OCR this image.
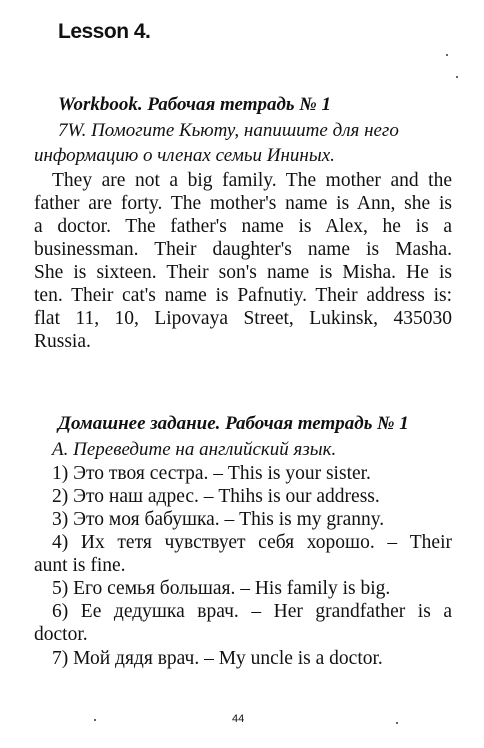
Lesson 4.
Workbook. Рабочая тетрадь № 1
7W. Помогите Кьюту, напишите для него
информацию о членах семьи Ининых.
They are not a big family. The mother and the
father are forty. The mother's name is Ann, she is
a doctor. The father's name is Alex, he is a
businessman. Their daughter's name is Masha.
She is sixteen. Their son's name is Misha. He is
ten. Their cat's name is Pafnutiy. Their address is:
flat 11, 10, Lipovaya Street, Lukinsk, 435030
Russia.
Домашнее задание. Рабочая тетрадь № 1
А. Переведите на английский язык.
1) Это твоя сестра. – This is your sister.
2) Это наш адрес. – Thihs is our address.
3) Это моя бабушка. – This is my granny.
4) Их тетя чувствует себя хорошо. – Their
aunt is fine.
5) Его семья большая. – His family is big.
6) Ее дедушка врач. – Her grandfather is a
doctor.
7) Мой дядя врач. – My uncle is a doctor.
44
